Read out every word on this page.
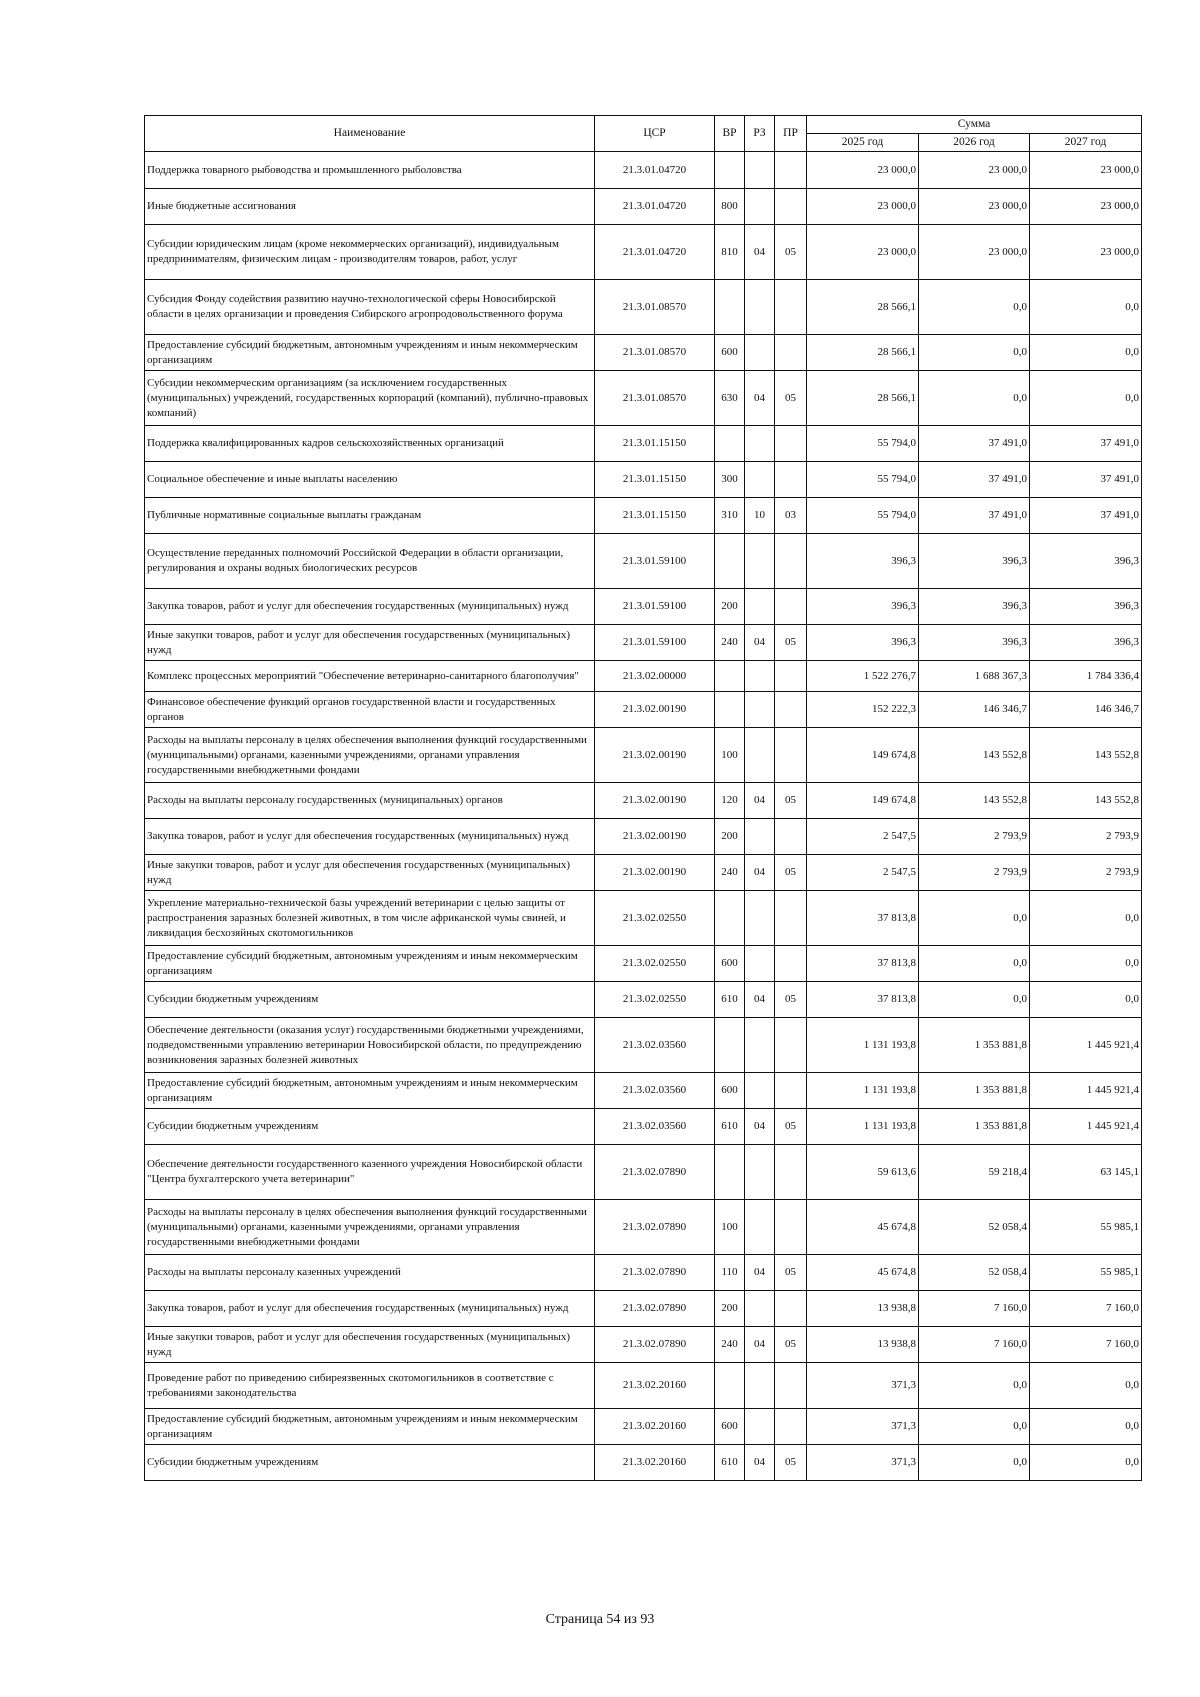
Наименование	ЦСР	ВР	РЗ	ПР	Сумма		
					2025 год	2026 год	2027 год
Поддержка товарного рыбоводства и промышленного рыболовства	21.3.01.04720				23 000,0	23 000,0	23 000,0
Иные бюджетные ассигнования	21.3.01.04720	800			23 000,0	23 000,0	23 000,0
Субсидии юридическим лицам (кроме некоммерческих организаций), индивидуальным предпринимателям, физическим лицам - производителям товаров, работ, услуг	21.3.01.04720	810	04	05	23 000,0	23 000,0	23 000,0
Субсидия Фонду содействия развитию научно-технологической сферы Новосибирской области в целях организации и проведения Сибирского агропродовольственного форума	21.3.01.08570				28 566,1	0,0	0,0
Предоставление субсидий бюджетным, автономным учреждениям и иным некоммерческим организациям	21.3.01.08570	600			28 566,1	0,0	0,0
Субсидии некоммерческим организациям (за исключением государственных (муниципальных) учреждений, государственных корпораций (компаний), публично-правовых компаний)	21.3.01.08570	630	04	05	28 566,1	0,0	0,0
Поддержка квалифицированных кадров сельскохозяйственных организаций	21.3.01.15150				55 794,0	37 491,0	37 491,0
Социальное обеспечение и иные выплаты населению	21.3.01.15150	300			55 794,0	37 491,0	37 491,0
Публичные нормативные социальные выплаты гражданам	21.3.01.15150	310	10	03	55 794,0	37 491,0	37 491,0
Осуществление переданных полномочий Российской Федерации в области организации, регулирования и охраны водных биологических ресурсов	21.3.01.59100				396,3	396,3	396,3
Закупка товаров, работ и услуг для обеспечения государственных (муниципальных) нужд	21.3.01.59100	200			396,3	396,3	396,3
Иные закупки товаров, работ и услуг для обеспечения государственных (муниципальных) нужд	21.3.01.59100	240	04	05	396,3	396,3	396,3
Комплекс процессных мероприятий "Обеспечение ветеринарно-санитарного благополучия"	21.3.02.00000				1 522 276,7	1 688 367,3	1 784 336,4
Финансовое обеспечение функций органов государственной власти и государственных органов	21.3.02.00190				152 222,3	146 346,7	146 346,7
Расходы на выплаты персоналу в целях обеспечения выполнения функций государственными (муниципальными) органами, казенными учреждениями, органами управления государственными внебюджетными фондами	21.3.02.00190	100			149 674,8	143 552,8	143 552,8
Расходы на выплаты персоналу государственных (муниципальных) органов	21.3.02.00190	120	04	05	149 674,8	143 552,8	143 552,8
Закупка товаров, работ и услуг для обеспечения государственных (муниципальных) нужд	21.3.02.00190	200			2 547,5	2 793,9	2 793,9
Иные закупки товаров, работ и услуг для обеспечения государственных (муниципальных) нужд	21.3.02.00190	240	04	05	2 547,5	2 793,9	2 793,9
Укрепление материально-технической базы учреждений ветеринарии с целью защиты от распространения заразных болезней животных, в том числе африканской чумы свиней, и ликвидация бесхозяйных скотомогильников	21.3.02.02550				37 813,8	0,0	0,0
Предоставление субсидий бюджетным, автономным учреждениям и иным некоммерческим организациям	21.3.02.02550	600			37 813,8	0,0	0,0
Субсидии бюджетным учреждениям	21.3.02.02550	610	04	05	37 813,8	0,0	0,0
Обеспечение деятельности (оказания услуг) государственными бюджетными учреждениями, подведомственными управлению ветеринарии Новосибирской области, по предупреждению возникновения заразных болезней животных	21.3.02.03560				1 131 193,8	1 353 881,8	1 445 921,4
Предоставление субсидий бюджетным, автономным учреждениям и иным некоммерческим организациям	21.3.02.03560	600			1 131 193,8	1 353 881,8	1 445 921,4
Субсидии бюджетным учреждениям	21.3.02.03560	610	04	05	1 131 193,8	1 353 881,8	1 445 921,4
Обеспечение деятельности государственного казенного учреждения Новосибирской области "Центра бухгалтерского учета ветеринарии"	21.3.02.07890				59 613,6	59 218,4	63 145,1
Расходы на выплаты персоналу в целях обеспечения выполнения функций государственными (муниципальными) органами, казенными учреждениями, органами управления государственными внебюджетными фондами	21.3.02.07890	100			45 674,8	52 058,4	55 985,1
Расходы на выплаты персоналу казенных учреждений	21.3.02.07890	110	04	05	45 674,8	52 058,4	55 985,1
Закупка товаров, работ и услуг для обеспечения государственных (муниципальных) нужд	21.3.02.07890	200			13 938,8	7 160,0	7 160,0
Иные закупки товаров, работ и услуг для обеспечения государственных (муниципальных) нужд	21.3.02.07890	240	04	05	13 938,8	7 160,0	7 160,0
Проведение работ по приведению сибиреязвенных скотомогильников в соответствие с требованиями законодательства	21.3.02.20160				371,3	0,0	0,0
Предоставление субсидий бюджетным, автономным учреждениям и иным некоммерческим организациям	21.3.02.20160	600			371,3	0,0	0,0
Субсидии бюджетным учреждениям	21.3.02.20160	610	04	05	371,3	0,0	0,0
Страница 54 из 93
